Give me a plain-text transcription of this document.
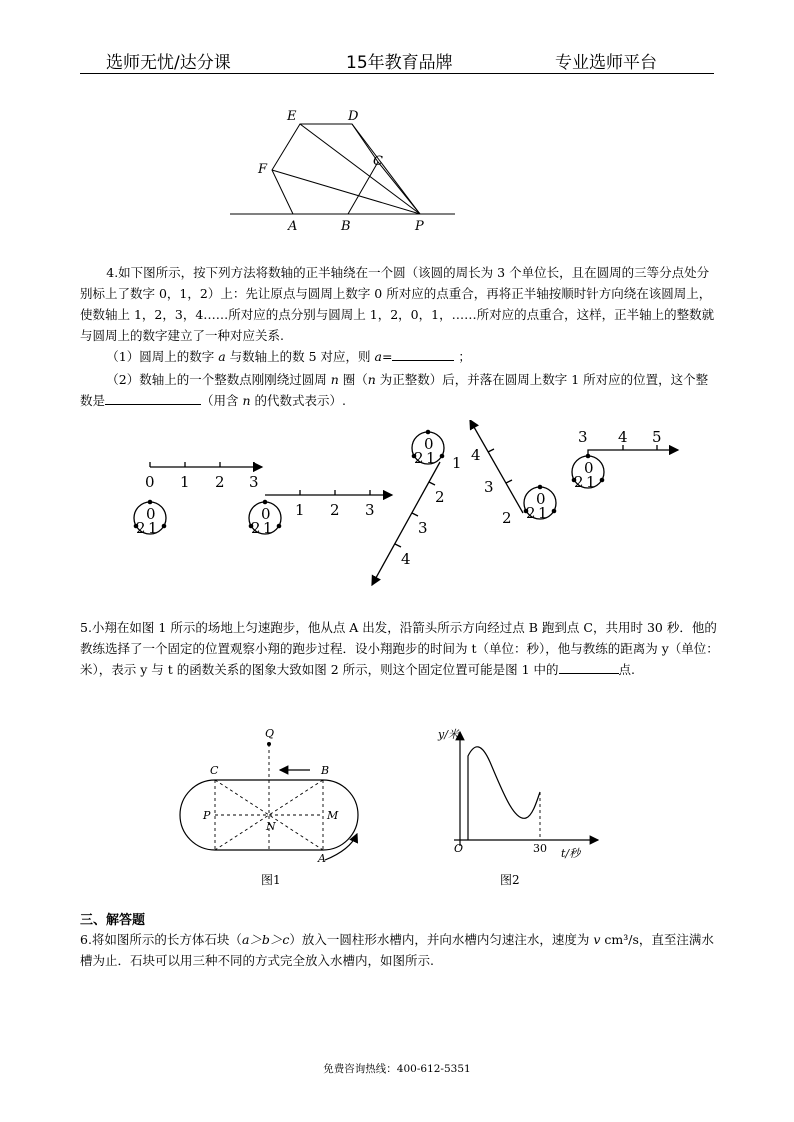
选师无忧/达分课	15年教育品牌	专业选师平台
E	D
F
C
A	B	P

4.如下图所示，按下列方法将数轴的正半轴绕在一个圆（该圆的周长为 3 个单位长，且在圆周的三等分点处分别标上了数字 0，1，2）上：先让原点与圆周上数字 0 所对应的点重合，再将正半轴按顺时针方向绕在该圆周上，使数轴上 1，2，3，4……所对应的点分别与圆周上 1，2，0，1，……所对应的点重合，这样，正半轴上的整数就与圆周上的数字建立了一种对应关系.

（1）圆周上的数字 a 与数轴上的数 5 对应，则 a=	；

（2）数轴上的一个整数点刚刚绕过圆周 n 圈（n 为正整数）后，并落在圆周上数字 1 所对应的位置，这个整数是	（用含 n 的代数式表示）.

0 1 2 3
0
2 1
1 2 3
0
2 1
0
2 1 1
2
3
4
4
3
2
0
2 1
3 4 5
0
2 1

5.小翔在如图 1 所示的场地上匀速跑步，他从点 A 出发，沿箭头所示方向经过点 B 跑到点 C，共用时 30 秒．他的教练选择了一个固定的位置观察小翔的跑步过程．设小翔跑步的时间为 t（单位：秒），他与教练的距离为 y（单位：米），表示 y 与 t 的函数关系的图象大致如图 2 所示，则这个固定位置可能是图 1 中的	点.

Q
C	B
P	M
N
A
图1
y/米
t/秒
O	30
图2
三、解答题

6.将如图所示的长方体石块（a＞b＞c）放入一圆柱形水槽内，并向水槽内匀速注水，速度为 v cm³/s，直至注满水槽为止．石块可以用三种不同的方式完全放入水槽内，如图所示.

免费咨询热线：400-612-5351
